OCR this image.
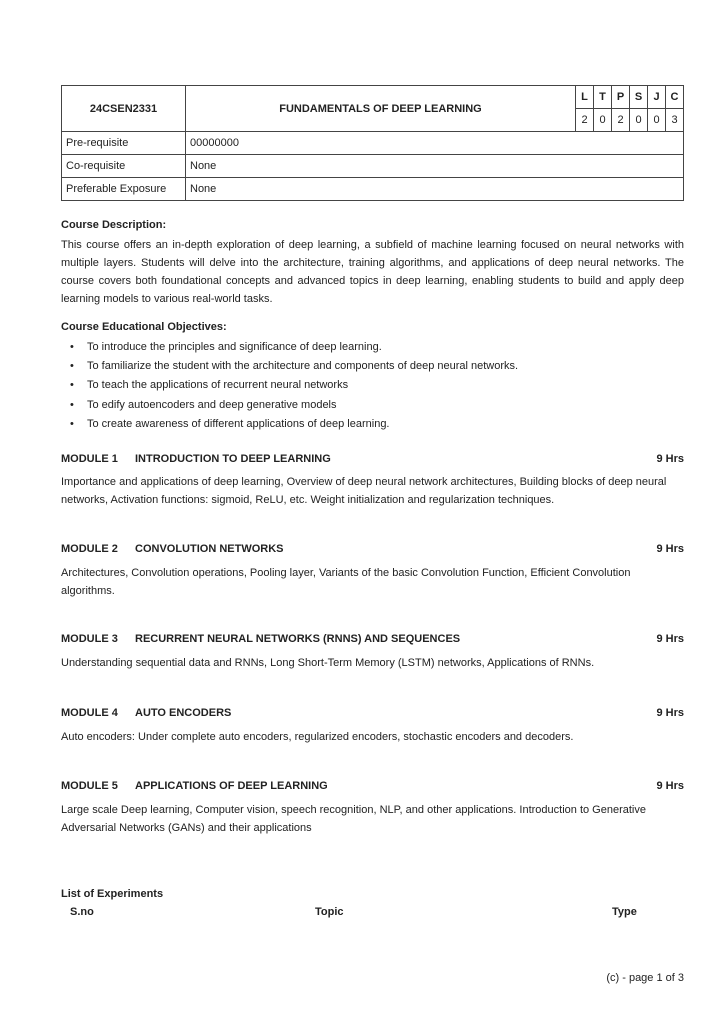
24CSEN2331	FUNDAMENTALS OF DEEP LEARNING	L	T	P	S	J	C
		2	0	2	0	0	3
Pre-requisite	00000000						
Co-requisite	None						
Preferable Exposure	None						
Course Description:
This course offers an in-depth exploration of deep learning, a subfield of machine learning focused on neural networks with multiple layers. Students will delve into the architecture, training algorithms, and applications of deep neural networks. The course covers both foundational concepts and advanced topics in deep learning, enabling students to build and apply deep learning models to various real-world tasks.
Course Educational Objectives:
• To introduce the principles and significance of deep learning.
• To familiarize the student with the architecture and components of deep neural networks.
• To teach the applications of recurrent neural networks
• To edify autoencoders and deep generative models
• To create awareness of different applications of deep learning.
MODULE 1 INTRODUCTION TO DEEP LEARNING	9 Hrs
Importance and applications of deep learning, Overview of deep neural network architectures, Building blocks of deep neural networks, Activation functions: sigmoid, ReLU, etc. Weight initialization and regularization techniques.
MODULE 2 CONVOLUTION NETWORKS	9 Hrs
Architectures, Convolution operations, Pooling layer, Variants of the basic Convolution Function, Efficient Convolution algorithms.
MODULE 3 RECURRENT NEURAL NETWORKS (RNNS) AND SEQUENCES	9 Hrs
Understanding sequential data and RNNs, Long Short-Term Memory (LSTM) networks, Applications of RNNs.
MODULE 4 AUTO ENCODERS	9 Hrs
Auto encoders: Under complete auto encoders, regularized encoders, stochastic encoders and decoders.
MODULE 5 APPLICATIONS OF DEEP LEARNING	9 Hrs
Large scale Deep learning, Computer vision, speech recognition, NLP, and other applications. Introduction to Generative Adversarial Networks (GANs) and their applications
List of Experiments
S.no	Topic	Type
(c) - page 1 of 3
